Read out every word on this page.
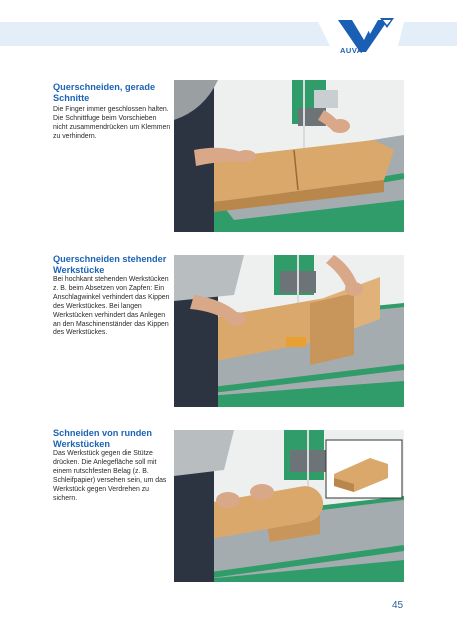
AUVA
Querschneiden, gerade Schnitte
Die Finger immer geschlossen halten. Die Schnittfuge beim Vorschieben nicht zusammendrücken um Klemmen zu verhindern.
Querschneiden stehender Werkstücke
Bei hochkant stehenden Werkstücken z. B. beim Absetzen von Zapfen: Ein Anschlagwinkel verhindert das Kippen des Werkstückes. Bei langen Werkstücken verhindert das Anlegen an den Maschinenständer das Kippen des Werkstückes.
Schneiden von runden Werkstücken
Das Werkstück gegen die Stütze drücken. Die Anlegefläche soll mit einem rutschfesten Belag (z. B. Schleifpapier) versehen sein, um das Werkstück gegen Verdrehen zu sichern.
45
